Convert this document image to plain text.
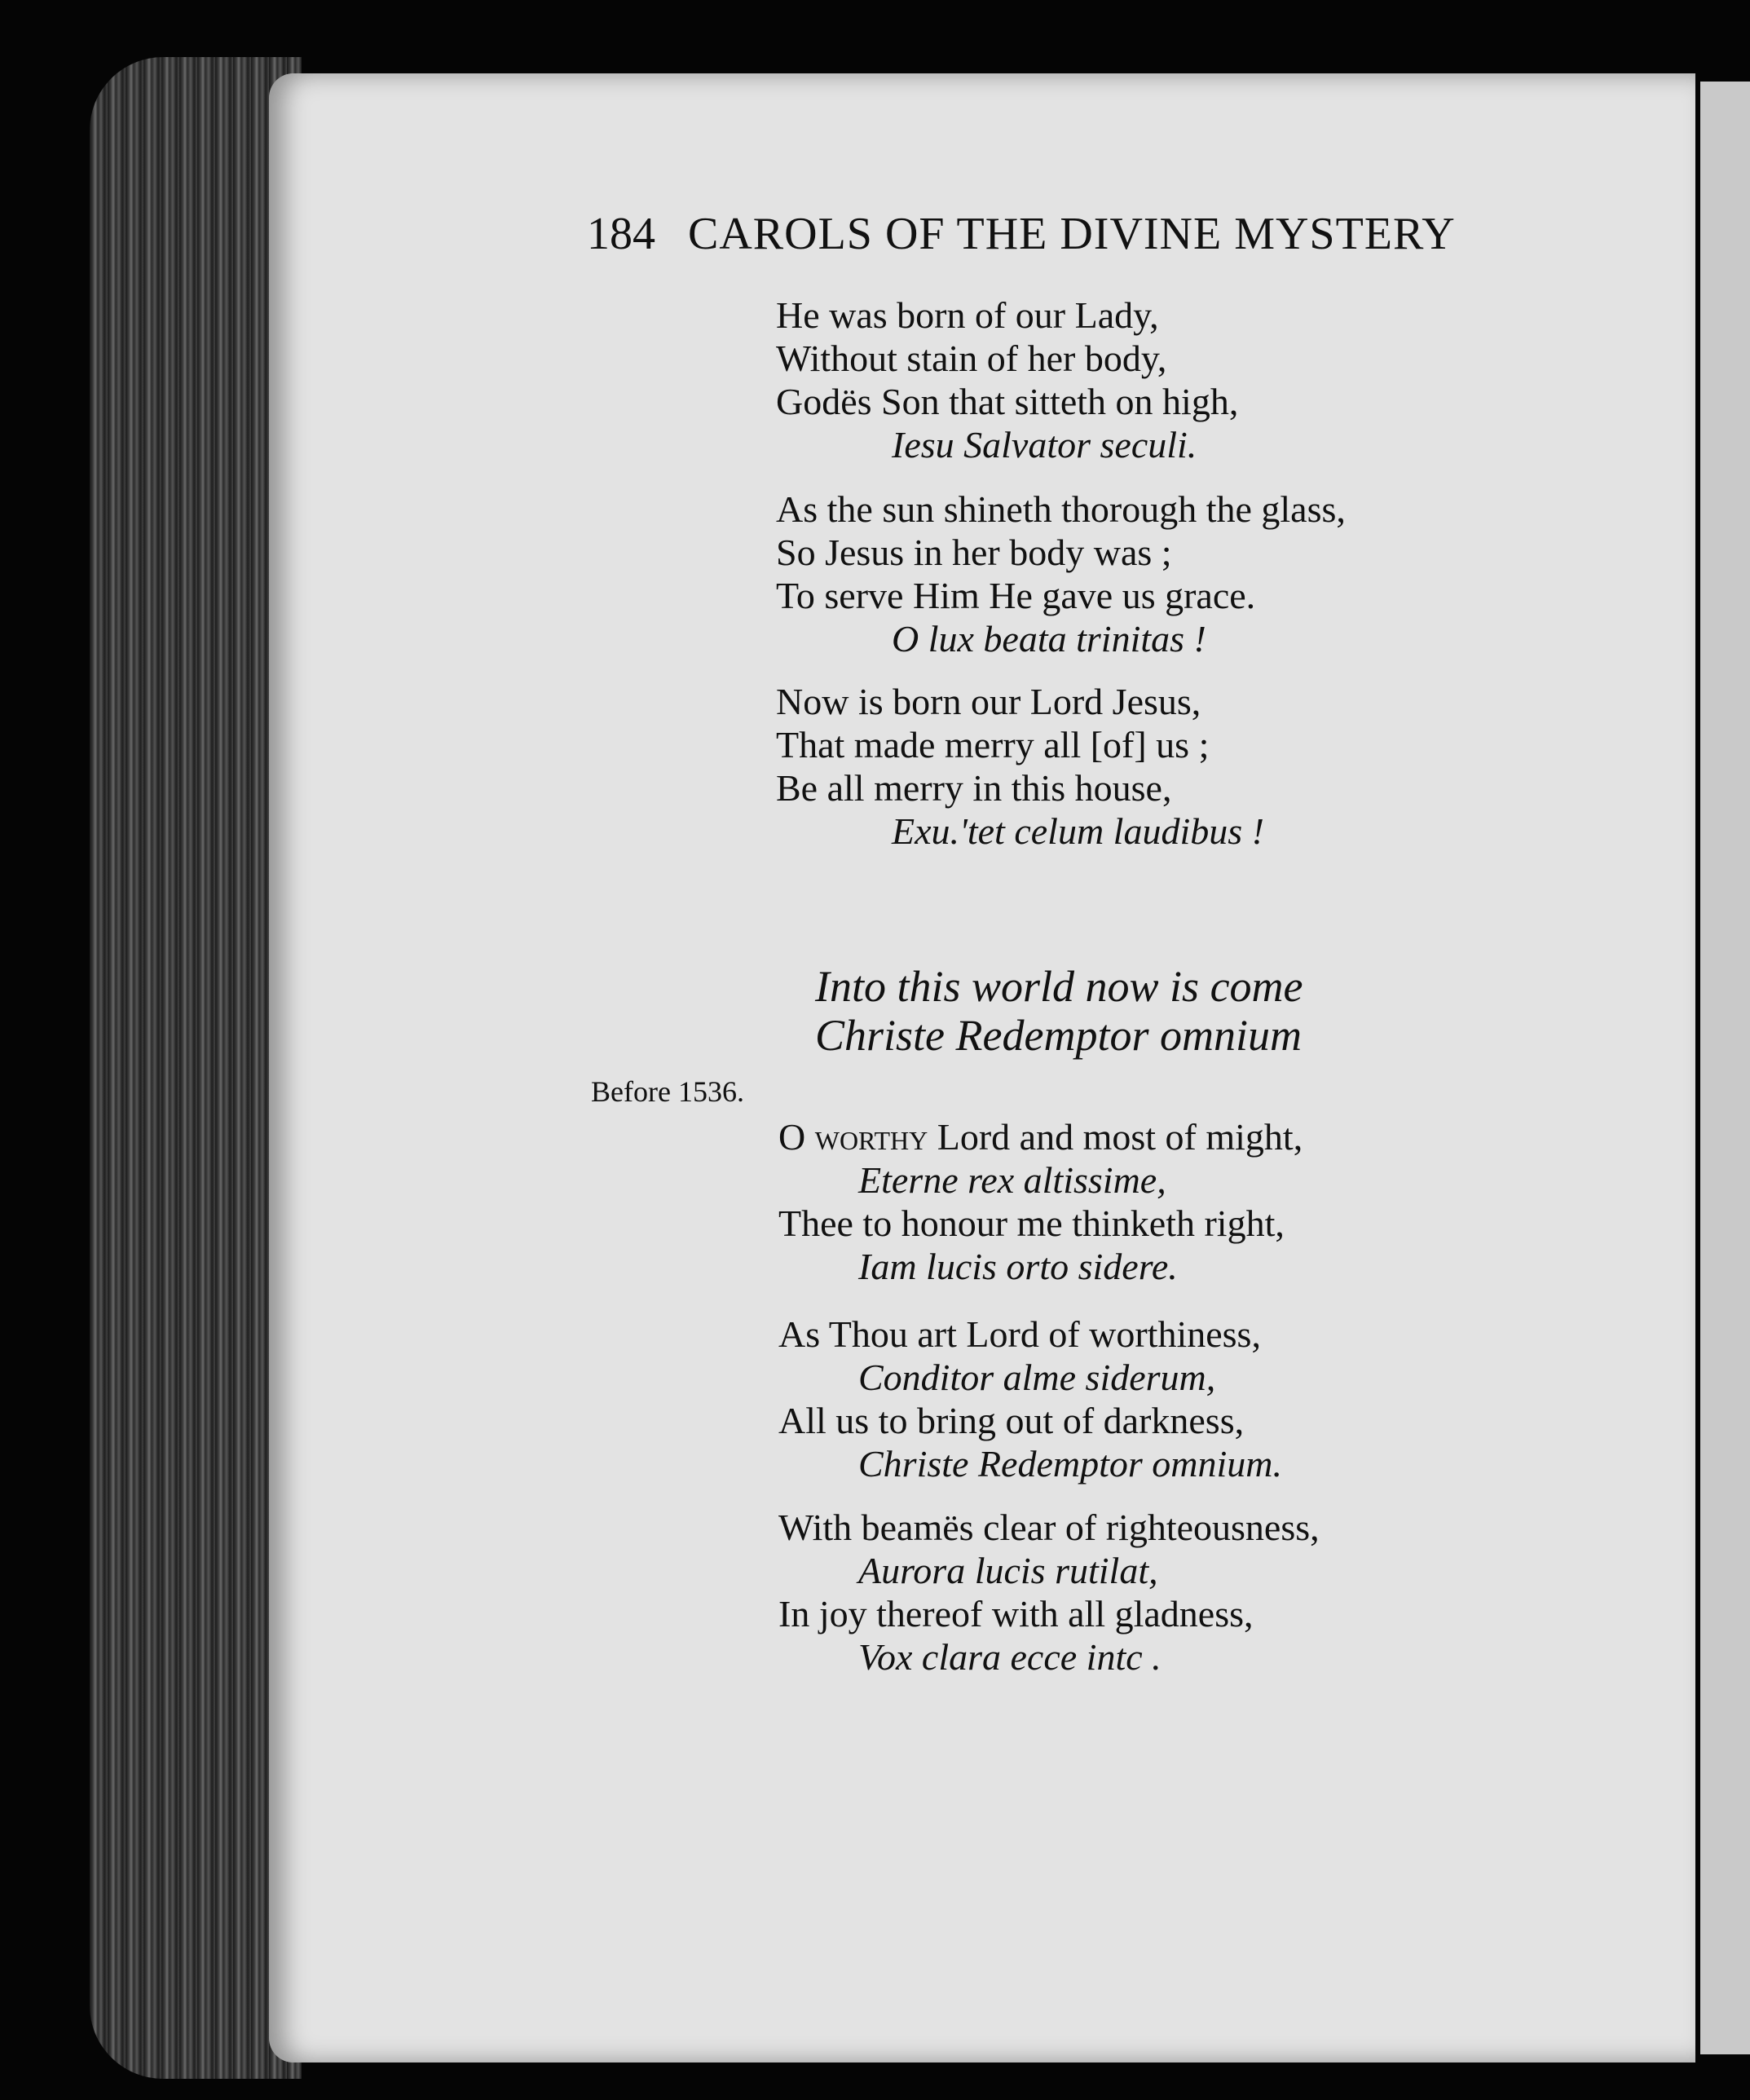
184 CAROLS OF THE DIVINE MYSTERY
He was born of our Lady,
Without stain of her body,
Godës Son that sitteth on high,
Iesu Salvator seculi.
As the sun shineth thorough the glass,
So Jesus in her body was ;
To serve Him He gave us grace.
O lux beata trinitas !
Now is born our Lord Jesus,
That made merry all [of] us ;
Be all merry in this house,
Exu.'tet celum laudibus !
Into this world now is come
Christe Redemptor omnium
Before 1536.
O worthy Lord and most of might,
Eterne rex altissime,
Thee to honour me thinketh right,
Iam lucis orto sidere.
As Thou art Lord of worthiness,
Conditor alme siderum,
All us to bring out of darkness,
Christe Redemptor omnium.
With beamës clear of righteousness,
Aurora lucis rutilat,
In joy thereof with all gladness,
Vox clara ecce intc .
